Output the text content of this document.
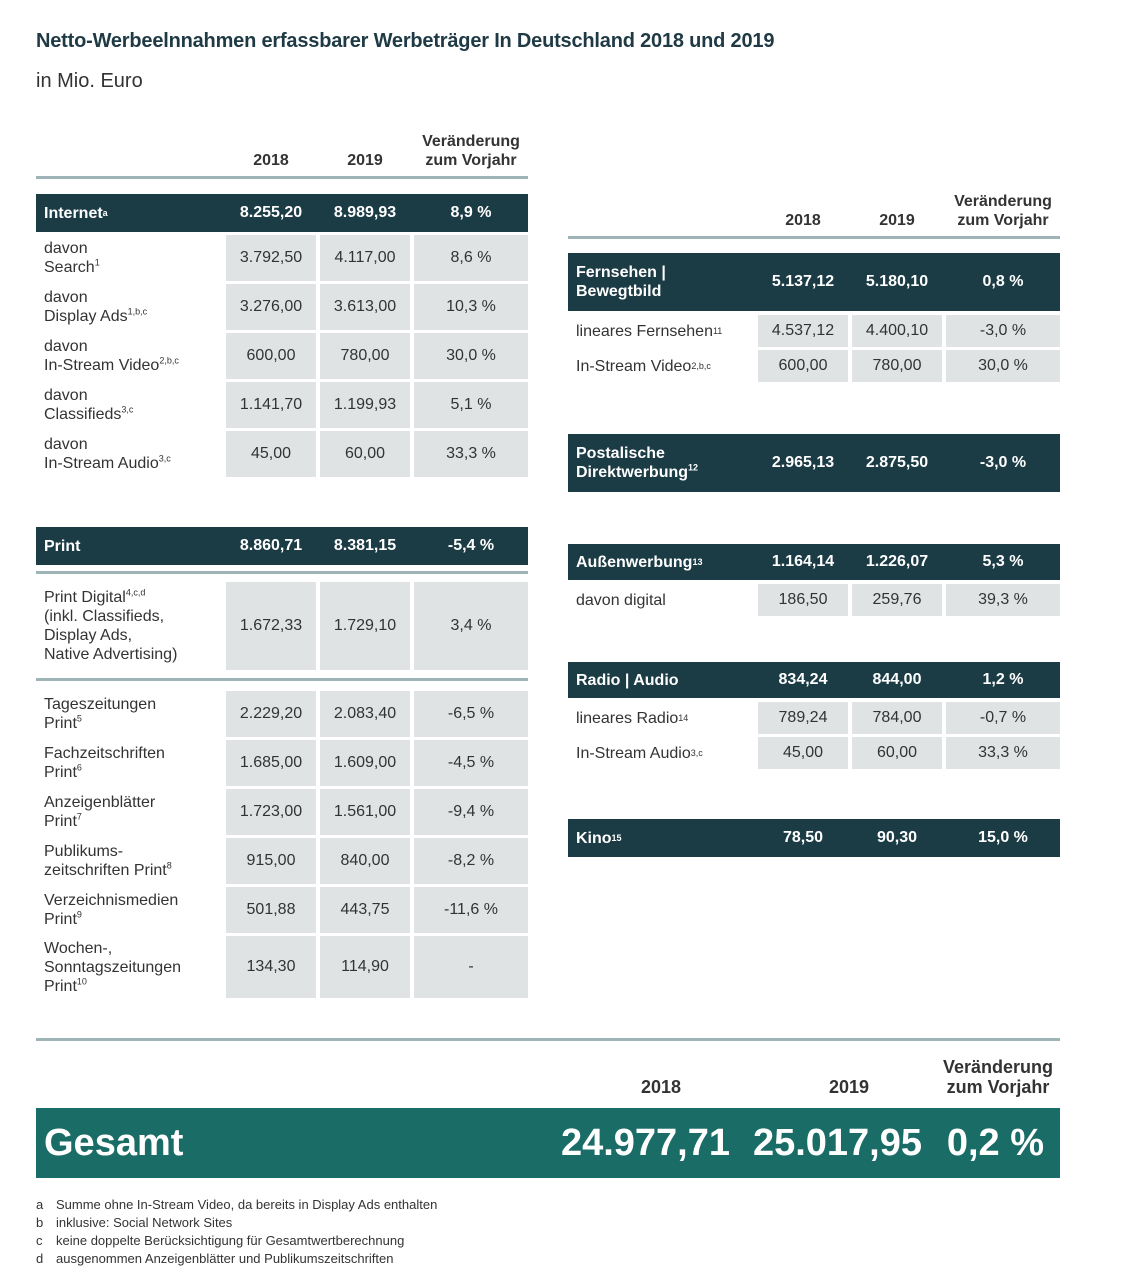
Netto-Werbeelnnahmen erfassbarer Werbeträger In Deutschland 2018 und 2019
in Mio. Euro
2018	2019
Veränderung
zum Vorjahr
Internet a	8.255,20	8.989,93	8,9 %
davon
Search$^1$	3.792,50	4.117,00	8,6 %
davon
Display Ads$^{1,b,c}$	3.276,00	3.613,00	10,3 %
davon
In-Stream Video$^{2,b,c}$	600,00	780,00	30,0 %
davon
Classifieds$^{3,c}$	1.141,70	1.199,93	5,1 %
davon
In-Stream Audio$^{3,c}$	45,00	60,00	33,3 %
Print	8.860,71	8.381,15	-5,4 %
Print Digital$^{4,c,d}$
(inkl. Classifieds,
Display Ads,
Native Advertising)
1.672,33	1.729,10	3,4 %
Tageszeitungen
Print$^5$	2.229,20	2.083,40	-6,5 %
Fachzeitschriften
Print$^6$	1.685,00	1.609,00	-4,5 %
Anzeigenblätter
Print$^7$	1.723,00	1.561,00	-9,4 %
Publikums-
zeitschriften Print$^8$	915,00	840,00	-8,2 %
Verzeichnismedien
Print$^9$	501,88	443,75	-11,6 %
Wochen-,
Sonntagszeitungen
Print$^{10}$
134,30	114,90	-
2018	2019
Veränderung
zum Vorjahr
Fernsehen |
Bewegtbild
5.137,12	5.180,10	0,8 %
lineares Fernsehen 11	4.537,12	4.400,10	-3,0 %
In-Stream Video 2,b,c	600,00	780,00	30,0 %
Postalische
Direktwerbung$^{12}$	2.965,13	2.875,50	-3,0 %
Außenwerbung 13	1.164,14	1.226,07	5,3 %
davon digital	186,50	259,76	39,3 %
Radio | Audio	834,24	844,00	1,2 %
lineares Radio 14	789,24	784,00	-0,7 %
In-Stream Audio 3,c	45,00	60,00	33,3 %
Kino 15	78,50	90,30	15,0 %
2018	2019
Veränderung
zum Vorjahr
Gesamt	24.977,71 25.017,95 0,2 %
a Summe ohne In-Stream Video, da bereits in Display Ads enthalten
b inklusive: Social Network Sites
c keine doppelte Berücksichtigung für Gesamtwertberechnung
d ausgenommen Anzeigenblätter und Publikumszeitschriften
